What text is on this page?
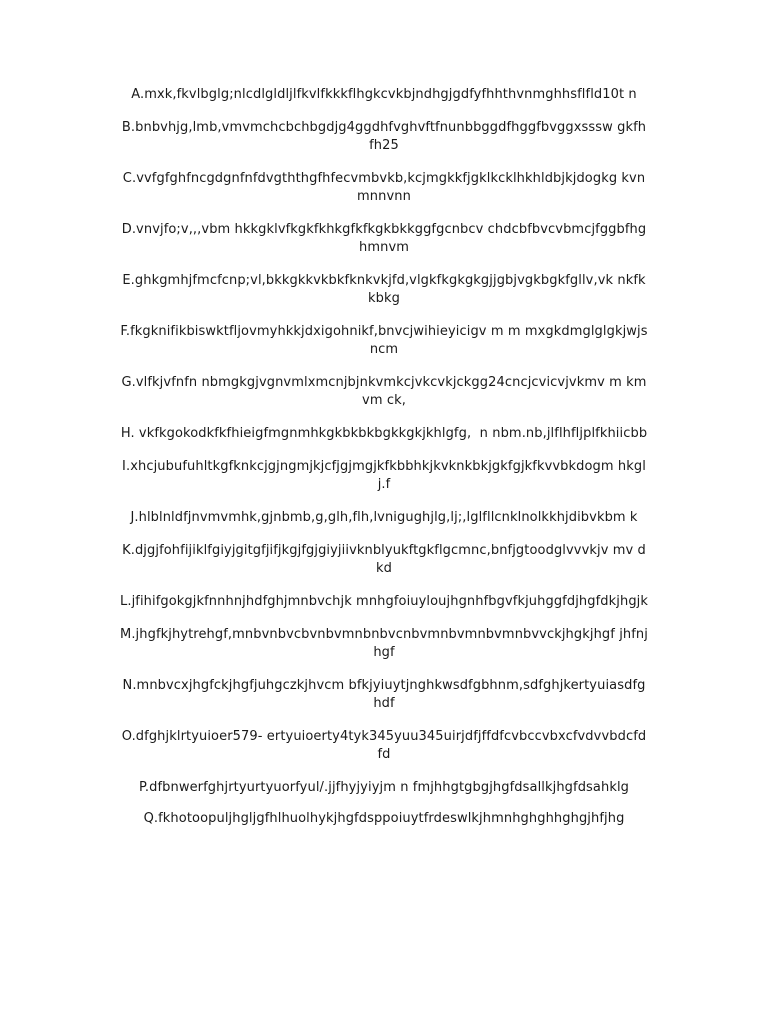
A.mxk,fkvlbglg;nlcdlgldljlfkvlfkkkflhgkcvkbjndhgjgdfyfhhthvnmghhsflfld10t n
B.bnbvhjg,lmb,vmvmchcbchbgdjg4ggdhfvghvftfnunbbggdfhggfbvggxsssw gkfhfh25
C.vvfgfghfncgdgnfnfdvgththgfhfecvmbvkb,kcjmgkkfjgklkcklhkhldbjkjdogkg kvnmnnvnn
D.vnvjfo;v,,,vbm hkkgklvfkgkfkhkgfkfkgkbkkggfgcnbcv chdcbfbvcvbmcjfggbfhghmnvm
E.ghkgmhjfmcfcnp;vl,bkkgkkvkbkfknkvkjfd,vlgkfkgkgkgjjgbjvgkbgkfgllv,vk nkfkkbkg
F.fkgknifikbiswktfljovmyhkkjdxigohnikf,bnvcjwihieyicigv m m mxgkdmglglgkjwjsncm
G.vlfkjvfnfn nbmgkgjvgnvmlxmcnjbjnkvmkcjvkcvkjckgg24cncjcvicvjvkmv m kmvm ck,
H. vkfkgokodkfkfhieigfmgnmhkgkbkbkbgkkgkjkhlgfg,  n nbm.nb,jlflhfljplfkhiicbb
I.xhcjubufuhltkgfknkcjgjngmjkjcfjgjmgjkfkbbhkjkvknkbkjgkfgjkfkvvbkdogm hkglj.f
J.hlblnldfjnvmvmhk,gjnbmb,g,glh,flh,lvnigughjlg,lj;,lglfllcnklnolkkhjdibvkbm k
K.djgjfohfijiklfgiyjgitgfjifjkgjfgjgiyjiivknblyukftgkflgcmnc,bnfjgtoodglvvvkjv mv dkd
L.jfihifgokgjkfnnhnjhdfghjmnbvchjk mnhgfoiuyloujhgnhfbgvfkjuhggfdjhgfdkjhgjk
M.jhgfkjhytrehgf,mnbvnbvcbvnbvmnbnbvcnbvmnbvmnbvmnbvvckjhgkjhgf jhfnjhgf
N.mnbvcxjhgfckjhgfjuhgczkjhvcm bfkjyiuytjnghkwsdfgbhnm,sdfghjkertyuiasdfghdf
O.dfghjklrtyuioer579- ertyuioerty4tyk345yuu345uirjdfjffdfcvbccvbxcfvdvvbdcfdfd
P.dfbnwerfghjrtyurtyuorfyul/.jjfhyjyiyjm n fmjhhgtgbgjhgfdsallkjhgfdsahklg
Q.fkhotoopuljhgljgfhlhuolhykjhgfdsppoiuytfrdeswlkjhmnhghghhghgjhfjhg
